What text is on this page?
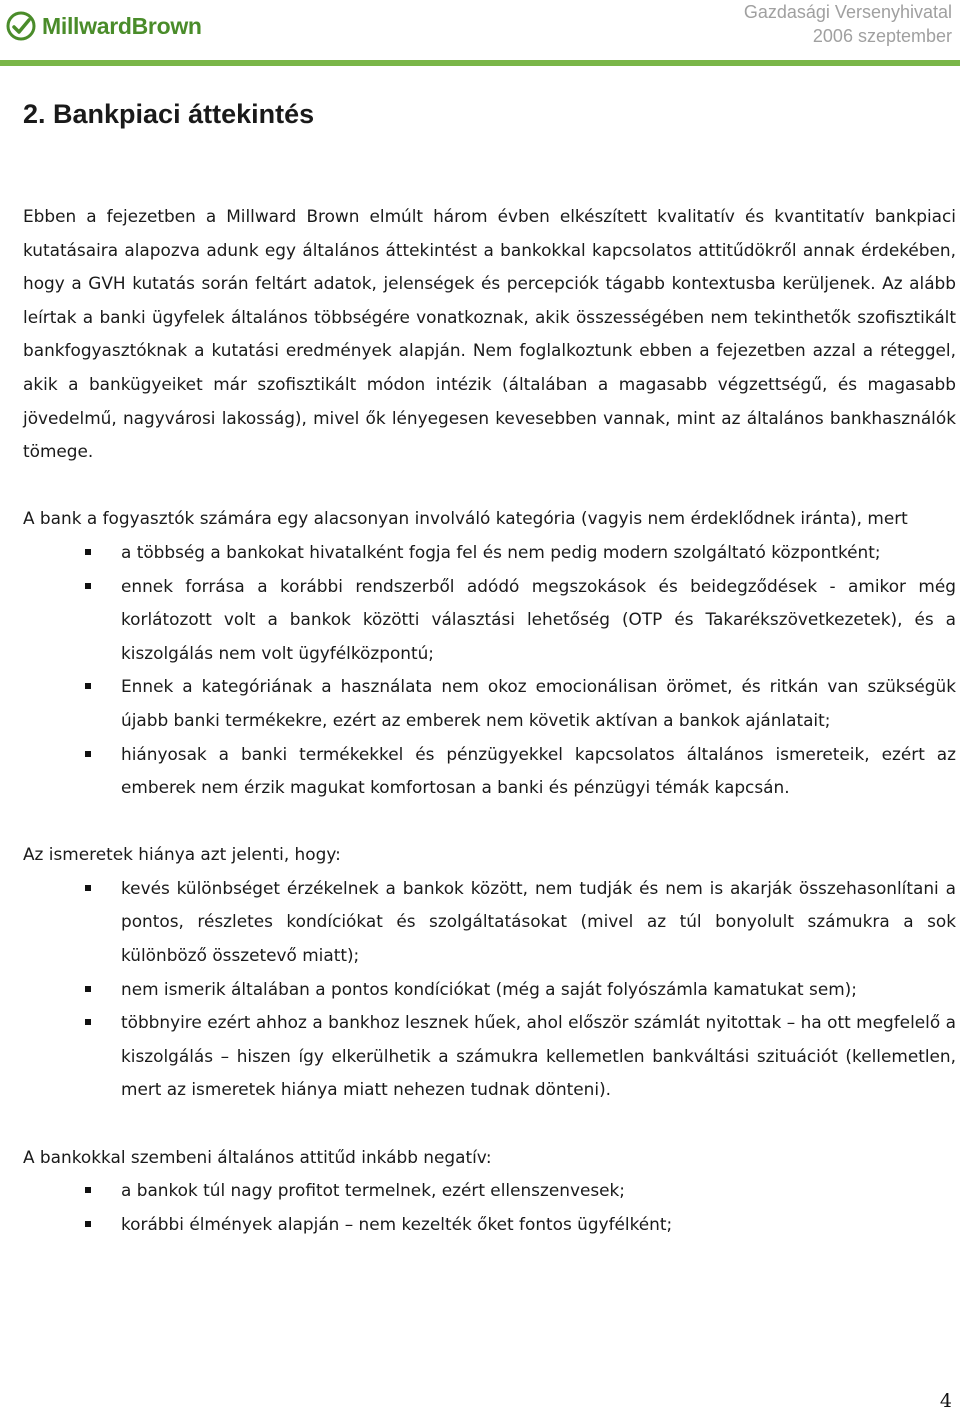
MillwardBrown
Gazdasági Versenyhivatal
2006 szeptember
2. Bankpiaci áttekintés

Ebben a fejezetben a Millward Brown elmúlt három évben elkészített kvalitatív és kvantitatív bankpiaci kutatásaira alapozva adunk egy általános áttekintést a bankokkal kapcsolatos attitűdökről annak érdekében, hogy a GVH kutatás során feltárt adatok, jelenségek és percepciók tágabb kontextusba kerüljenek. Az alább leírtak a banki ügyfelek általános többségére vonatkoznak, akik összességében nem tekinthetők szofisztikált bankfogyasztóknak a kutatási eredmények alapján. Nem foglalkoztunk ebben a fejezetben azzal a réteggel, akik a bankügyeiket már szofisztikált módon intézik (általában a magasabb végzettségű, és magasabb jövedelmű, nagyvárosi lakosság), mivel ők lényegesen kevesebben vannak, mint az általános bankhasználók tömege.

A bank a fogyasztók számára egy alacsonyan involváló kategória (vagyis nem érdeklődnek iránta), mert

a többség a bankokat hivatalként fogja fel és nem pedig modern szolgáltató központként;
ennek forrása a korábbi rendszerből adódó megszokások és beidegződések - amikor még korlátozott volt a bankok közötti választási lehetőség (OTP és Takarékszövetkezetek), és a kiszolgálás nem volt ügyfélközpontú;
Ennek a kategóriának a használata nem okoz emocionálisan örömet, és ritkán van szükségük újabb banki termékekre, ezért az emberek nem követik aktívan a bankok ajánlatait;
hiányosak a banki termékekkel és pénzügyekkel kapcsolatos általános ismereteik, ezért az emberek nem érzik magukat komfortosan a banki és pénzügyi témák kapcsán.

Az ismeretek hiánya azt jelenti, hogy:

kevés különbséget érzékelnek a bankok között, nem tudják és nem is akarják összehasonlítani a pontos, részletes kondíciókat és szolgáltatásokat (mivel az túl bonyolult számukra a sok különböző összetevő miatt);
nem ismerik általában a pontos kondíciókat (még a saját folyószámla kamatukat sem);
többnyire ezért ahhoz a bankhoz lesznek hűek, ahol először számlát nyitottak – ha ott megfelelő a kiszolgálás – hiszen így elkerülhetik a számukra kellemetlen bankváltási szituációt (kellemetlen, mert az ismeretek hiánya miatt nehezen tudnak dönteni).

A bankokkal szembeni általános attitűd inkább negatív:

a bankok túl nagy profitot termelnek, ezért ellenszenvesek;
korábbi élmények alapján – nem kezelték őket fontos ügyfélként;
4
